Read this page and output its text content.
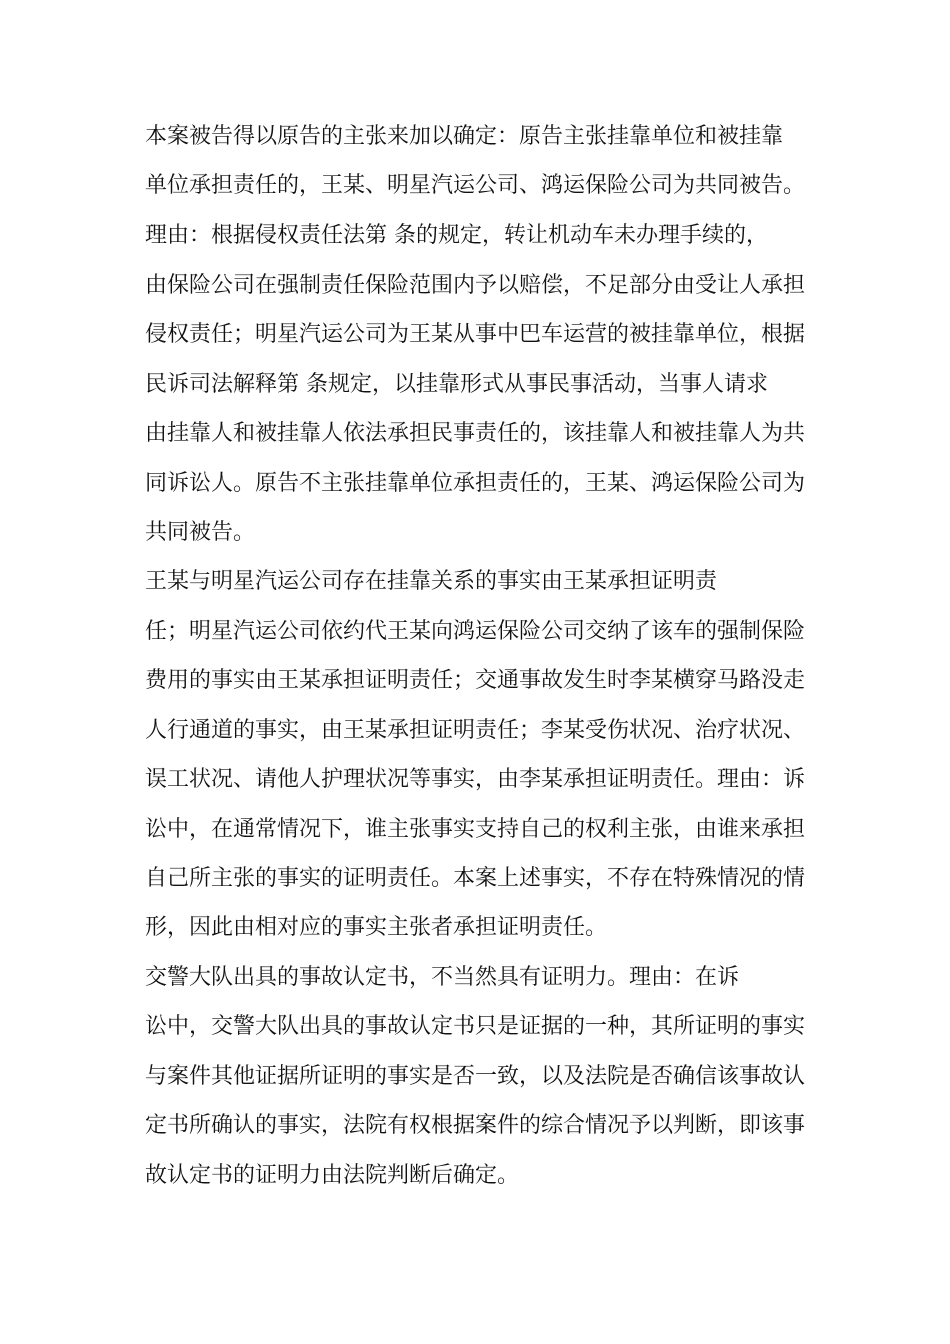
本案被告得以原告的主张来加以确定：原告主张挂靠单位和被挂靠
单位承担责任的，王某、明星汽运公司、鸿运保险公司为共同被告。
理由：根据侵权责任法第 条的规定，转让机动车未办理手续的，
由保险公司在强制责任保险范围内予以赔偿，不足部分由受让人承担
侵权责任；明星汽运公司为王某从事中巴车运营的被挂靠单位，根据
民诉司法解释第 条规定，以挂靠形式从事民事活动，当事人请求
由挂靠人和被挂靠人依法承担民事责任的，该挂靠人和被挂靠人为共
同诉讼人。原告不主张挂靠单位承担责任的，王某、鸿运保险公司为
共同被告。
王某与明星汽运公司存在挂靠关系的事实由王某承担证明责
任；明星汽运公司依约代王某向鸿运保险公司交纳了该车的强制保险
费用的事实由王某承担证明责任；交通事故发生时李某横穿马路没走
人行通道的事实，由王某承担证明责任；李某受伤状况、治疗状况、
误工状况、请他人护理状况等事实，由李某承担证明责任。理由：诉
讼中，在通常情况下，谁主张事实支持自己的权利主张，由谁来承担
自己所主张的事实的证明责任。本案上述事实，不存在特殊情况的情
形，因此由相对应的事实主张者承担证明责任。
交警大队出具的事故认定书，不当然具有证明力。理由：在诉
讼中，交警大队出具的事故认定书只是证据的一种，其所证明的事实
与案件其他证据所证明的事实是否一致，以及法院是否确信该事故认
定书所确认的事实，法院有权根据案件的综合情况予以判断，即该事
故认定书的证明力由法院判断后确定。
